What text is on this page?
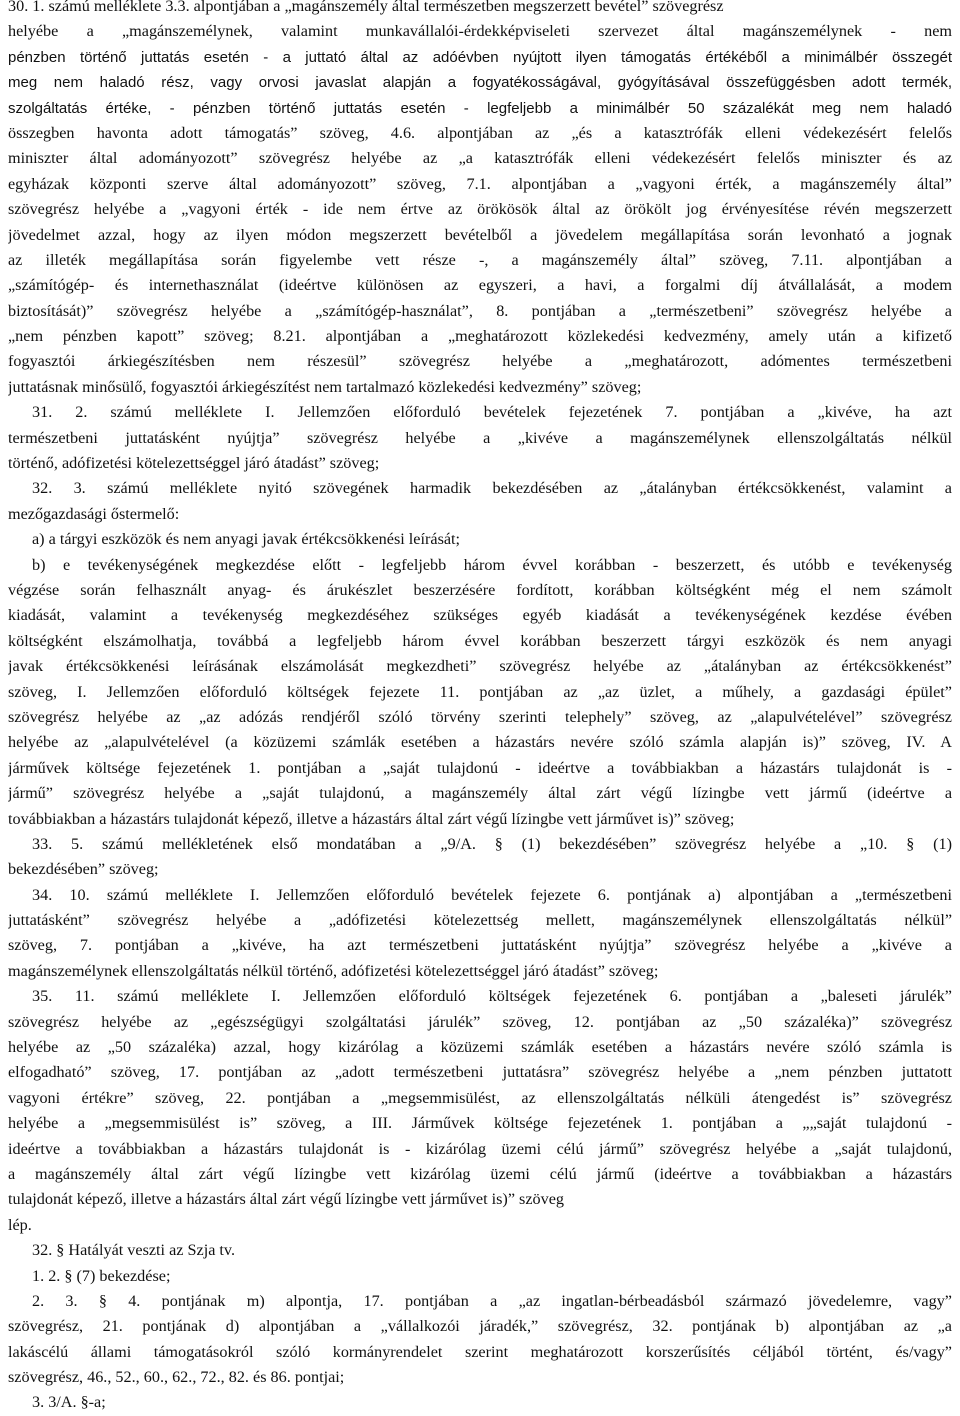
30. 1. számú melléklete 3.3. alpontjában a „magánszemély által természetben megszerzett bevétel” szövegrész

helyébe a „magánszemélynek, valamint munkavállalói-érdekképviseleti szervezet által magánszemélynek - nem

pénzben történő juttatás esetén - a juttató által az adóévben nyújtott ilyen támogatás értékéből a minimálbér összegét

meg nem haladó rész, vagy orvosi javaslat alapján a fogyatékosságával, gyógyításával összefüggésben adott termék,

szolgáltatás értéke, - pénzben történő juttatás esetén - legfeljebb a minimálbér 50 százalékát meg nem haladó

összegben havonta adott támogatás” szöveg, 4.6. alpontjában az „és a katasztrófák elleni védekezésért felelős

miniszter által adományozott” szövegrész helyébe az „a katasztrófák elleni védekezésért felelős miniszter és az

egyházak központi szerve által adományozott” szöveg, 7.1. alpontjában a „vagyoni érték, a magánszemély által”

szövegrész helyébe a „vagyoni érték - ide nem értve az örökösök által az örökölt jog érvényesítése révén megszerzett

jövedelmet azzal, hogy az ilyen módon megszerzett bevételből a jövedelem megállapítása során levonható a jognak

az illeték megállapítása során figyelembe vett része -, a magánszemély által” szöveg, 7.11. alpontjában a

„számítógép- és internethasználat (ideértve különösen az egyszeri, a havi, a forgalmi díj átvállalását, a modem

biztosítását)” szövegrész helyébe a „számítógép-használat”, 8. pontjában a „természetbeni” szövegrész helyébe a

„nem pénzben kapott” szöveg; 8.21. alpontjában a „meghatározott közlekedési kedvezmény, amely után a kifizető

fogyasztói árkiegészítésben nem részesül” szövegrész helyébe a „meghatározott, adómentes természetbeni

juttatásnak minősülő, fogyasztói árkiegészítést nem tartalmazó közlekedési kedvezmény” szöveg;

31. 2. számú melléklete I. Jellemzően előforduló bevételek fejezetének 7. pontjában a „kivéve, ha azt

természetbeni juttatásként nyújtja” szövegrész helyébe a „kivéve a magánszemélynek ellenszolgáltatás nélkül

történő, adófizetési kötelezettséggel járó átadást” szöveg;

32. 3. számú melléklete nyitó szövegének harmadik bekezdésében az „átalányban értékcsökkenést, valamint a

mezőgazdasági őstermelő:

a) a tárgyi eszközök és nem anyagi javak értékcsökkenési leírását;

b) e tevékenységének megkezdése előtt - legfeljebb három évvel korábban - beszerzett, és utóbb e tevékenység

végzése során felhasznált anyag- és árukészlet beszerzésére fordított, korábban költségként még el nem számolt

kiadását, valamint a tevékenység megkezdéséhez szükséges egyéb kiadását a tevékenységének kezdése évében

költségként elszámolhatja, továbbá a legfeljebb három évvel korábban beszerzett tárgyi eszközök és nem anyagi

javak értékcsökkenési leírásának elszámolását megkezdheti” szövegrész helyébe az „átalányban az értékcsökkenést”

szöveg, I. Jellemzően előforduló költségek fejezete 11. pontjában az „az üzlet, a műhely, a gazdasági épület”

szövegrész helyébe az „az adózás rendjéről szóló törvény szerinti telephely” szöveg, az „alapulvételével” szövegrész

helyébe az „alapulvételével (a közüzemi számlák esetében a házastárs nevére szóló számla alapján is)” szöveg, IV. A

járművek költsége fejezetének 1. pontjában a „saját tulajdonú - ideértve a továbbiakban a házastárs tulajdonát is -

jármű” szövegrész helyébe a „saját tulajdonú, a magánszemély által zárt végű lízingbe vett jármű (ideértve a

továbbiakban a házastárs tulajdonát képező, illetve a házastárs által zárt végű lízingbe vett járművet is)” szöveg;

33. 5. számú mellékletének első mondatában a „9/A. § (1) bekezdésében” szövegrész helyébe a „10. § (1)

bekezdésében” szöveg;

34. 10. számú melléklete I. Jellemzően előforduló bevételek fejezete 6. pontjának a) alpontjában a „természetbeni

juttatásként” szövegrész helyébe a „adófizetési kötelezettség mellett, magánszemélynek ellenszolgáltatás nélkül”

szöveg, 7. pontjában a „kivéve, ha azt természetbeni juttatásként nyújtja” szövegrész helyébe a „kivéve a

magánszemélynek ellenszolgáltatás nélkül történő, adófizetési kötelezettséggel járó átadást” szöveg;

35. 11. számú melléklete I. Jellemzően előforduló költségek fejezetének 6. pontjában a „baleseti járulék”

szövegrész helyébe az „egészségügyi szolgáltatási járulék” szöveg, 12. pontjában az „50 százaléka)” szövegrész

helyébe az „50 százaléka) azzal, hogy kizárólag a közüzemi számlák esetében a házastárs nevére szóló számla is

elfogadható” szöveg, 17. pontjában az „adott természetbeni juttatásra” szövegrész helyébe a „nem pénzben juttatott

vagyoni értékre” szöveg, 22. pontjában a „megsemmisülést, az ellenszolgáltatás nélküli átengedést is” szövegrész

helyébe a „megsemmisülést is” szöveg, a III. Járművek költsége fejezetének 1. pontjában a „„saját tulajdonú -

ideértve a továbbiakban a házastárs tulajdonát is - kizárólag üzemi célú jármű” szövegrész helyébe a „saját tulajdonú,

a magánszemély által zárt végű lízingbe vett kizárólag üzemi célú jármű (ideértve a továbbiakban a házastárs

tulajdonát képező, illetve a házastárs által zárt végű lízingbe vett járművet is)” szöveg

lép.

32. § Hatályát veszti az Szja tv.

1. 2. § (7) bekezdése;

2. 3. § 4. pontjának m) alpontja, 17. pontjában a „az ingatlan-bérbeadásból származó jövedelemre, vagy”

szövegrész, 21. pontjának d) alpontjában a „vállalkozói járadék,” szövegrész, 32. pontjának b) alpontjában az „a

lakáscélú állami támogatásokról szóló kormányrendelet szerint meghatározott korszerűsítés céljából történt, és/vagy”

szövegrész, 46., 52., 60., 62., 72., 82. és 86. pontjai;

3. 3/A. §-a;
